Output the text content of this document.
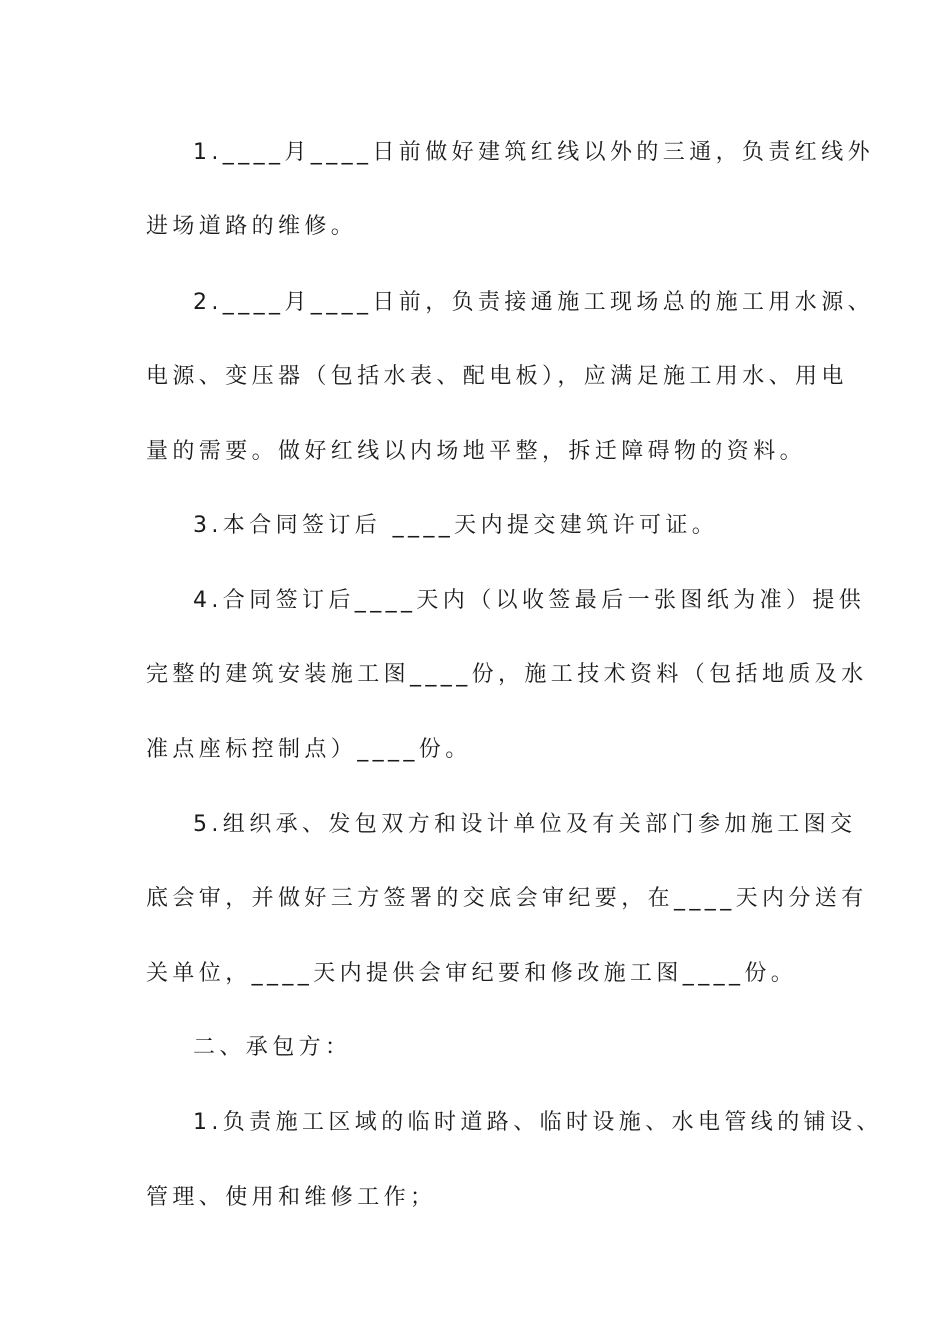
1.____月____日前做好建筑红线以外的三通，负责红线外
进场道路的维修。
2.____月____日前，负责接通施工现场总的施工用水源、
电源、变压器（包括水表、配电板），应满足施工用水、用电
量的需要。做好红线以内场地平整，拆迁障碍物的资料。
3.本合同签订后 ____天内提交建筑许可证。
4.合同签订后____天内（以收签最后一张图纸为准）提供
完整的建筑安装施工图____份，施工技术资料（包括地质及水
准点座标控制点）____份。
5.组织承、发包双方和设计单位及有关部门参加施工图交
底会审，并做好三方签署的交底会审纪要，在____天内分送有
关单位，____天内提供会审纪要和修改施工图____份。
二、承包方：
1.负责施工区域的临时道路、临时设施、水电管线的铺设、
管理、使用和维修工作；
